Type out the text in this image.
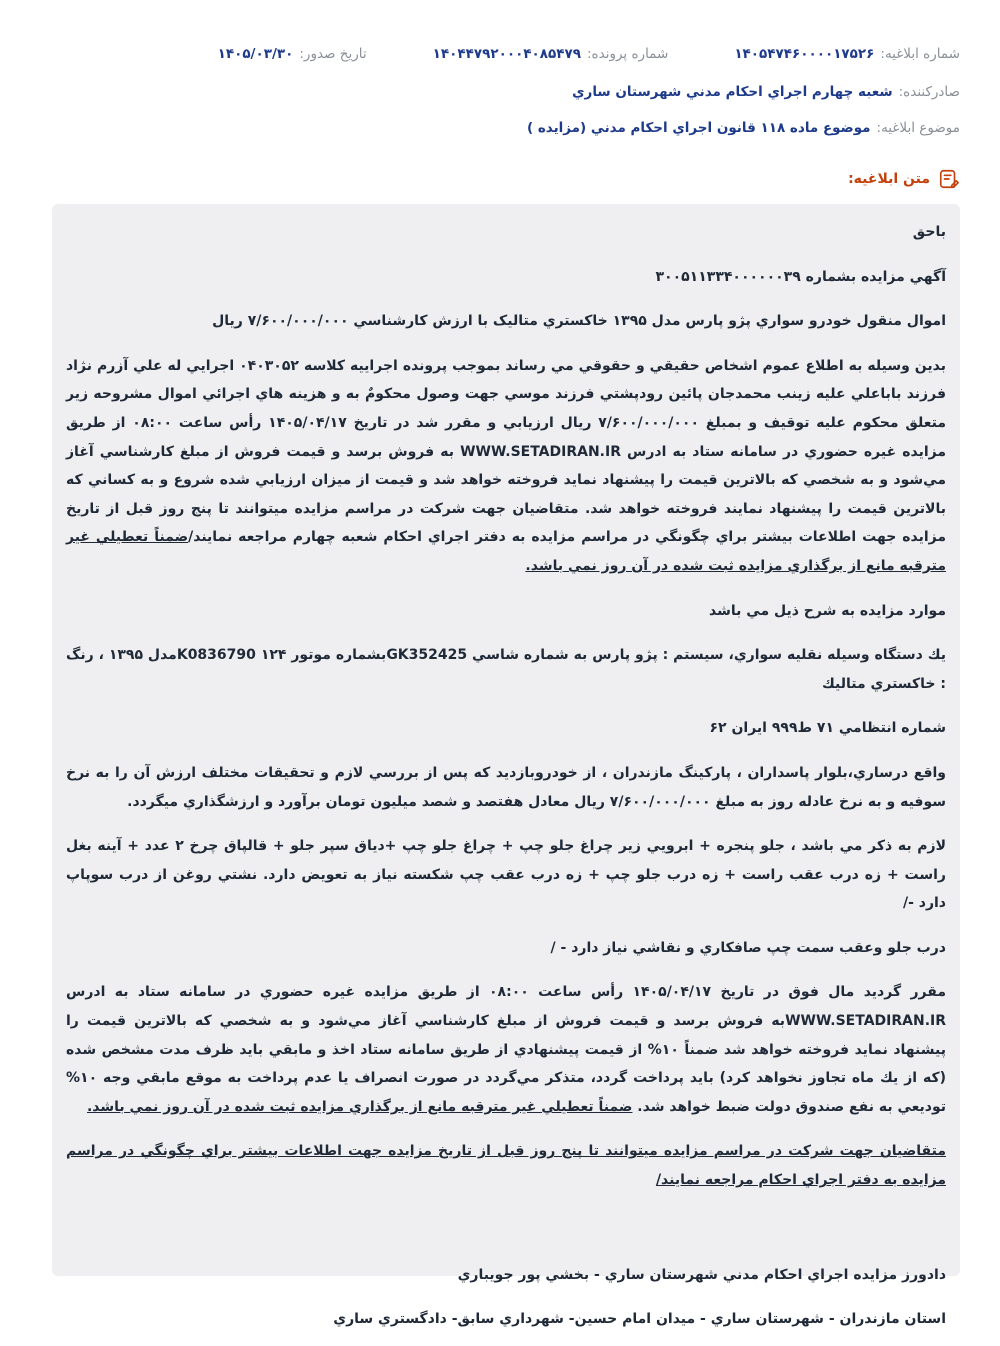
شماره ابلاغيه:
۱۴۰۵۴۷۴۶۰۰۰۰۱۷۵۲۶
شماره پرونده:
۱۴۰۴۴۷۹۲۰۰۰۴۰۸۵۴۷۹
تاريخ صدور:
۱۴۰۵/۰۳/۳۰
صادرکننده:
شعبه چهارم اجراي احکام مدني شهرستان ساري
موضوع ابلاغيه:
موضوع ماده ۱۱۸ قانون اجراي احکام مدني (مزايده )
متن ابلاغيه:

باحق

آگهي مزايده بشماره ۳۰۰۵۱۱۳۳۴۰۰۰۰۰۰۳۹

اموال منقول خودرو سواري پژو پارس مدل ۱۳۹۵ خاکستري متاليک با ارزش کارشناسي ۷/۶۰۰/۰۰۰/۰۰۰ ريال

بدين وسيله به اطلاع عموم اشخاص حقيقي و حقوقي مي رساند بموجب پرونده اجراييه کلاسه ۰۴۰۳۰۵۲ اجرايي له علي آزرم نژاد فرزند باباعلي عليه زينب محمدجان پائين رودپشتي فرزند موسي جهت وصول محکومٌ به و هزينه هاي اجرائي اموال مشروحه زير متعلق محکوم عليه توقيف و بمبلغ ۷/۶۰۰/۰۰۰/۰۰۰ ريال ارزيابي و مقرر شد در تاريخ ۱۴۰۵/۰۴/۱۷ رأس ساعت ۰۸:۰۰ از طريق مزايده غيره حضوري در سامانه ستاد به ادرس WWW.SETADIRAN.IR به فروش برسد و قيمت فروش از مبلغ کارشناسي آغاز مي‌شود و به شخصي که بالاترين قيمت را پيشنهاد نمايد فروخته خواهد شد و قيمت از ميزان ارزيابي شده شروع و به کساني که بالاترين قيمت را پيشنهاد نمايند فروخته خواهد شد. متقاضيان جهت شرکت در مراسم مزايده ميتوانند تا پنج روز قبل از تاريخ مزايده جهت اطلاعات بيشتر براي چگونگي در مراسم مزايده به دفتر اجراي احکام شعبه چهارم مراجعه نمايند/ضمناً تعطيلي غير مترقبه مانع از برگذاري مزايده ثبت شده در آن روز نمي باشد.

موارد مزايده به شرح ذيل مي باشد

يك دستگاه وسيله نقليه سواري، سيستم : پژو پارس به شماره شاسي GK352425بشماره موتور ۱۲۴ K0836790مدل ۱۳۹۵ ، رنگ : خاکستري متاليك

شماره انتظامي ۷۱ ط۹۹۹ ايران ۶۲

واقع درساري،بلوار پاسداران ، پارکينگ مازندران ، از خودروبازديد که پس از بررسي لازم و تحقيقات مختلف ارزش آن را به نرخ سوفيه و به نرخ عادله روز به مبلغ ۷/۶۰۰/۰۰۰/۰۰۰ ريال معادل هفتصد و شصد ميليون تومان برآورد و ارزشگذاري ميگردد.

لازم به ذکر مي باشد ، جلو پنجره + ابرويي زير چراغ جلو چپ + چراغ جلو چپ +دياق سپر جلو + قالپاق چرخ ۲ عدد + آينه بغل راست + زه درب عقب راست + زه درب جلو چپ + زه درب عقب چپ شکسته نياز به تعويض دارد. نشتي روغن از درب سوپاپ دارد -/

درب جلو وعقب سمت چپ صافکاري و نقاشي نياز دارد - /

مقرر گرديد مال فوق در تاريخ ۱۴۰۵/۰۴/۱۷ رأس ساعت ۰۸:۰۰ از طريق مزايده غيره حضوري در سامانه ستاد به ادرس WWW.SETADIRAN.IRبه فروش برسد و قيمت فروش از مبلغ کارشناسي آغاز مي‌شود و به شخصي که بالاترين قيمت را پيشنهاد نمايد فروخته خواهد شد ضمناً ۱۰% از قيمت پيشنهادي از طريق سامانه ستاد اخذ و مابقي بايد ظرف مدت مشخص شده (که از يك ماه تجاوز نخواهد کرد) بايد پرداخت گردد، متذکر مي‌گردد در صورت انصراف يا عدم پرداخت به موقع مابقي وجه ۱۰% توديعي به نفع صندوق دولت ضبط خواهد شد. ضمناً تعطيلي غير مترقبه مانع از برگذاري مزايده ثبت شده در آن روز نمي باشد.

متقاضيان جهت شرکت در مراسم مزايده ميتوانند تا پنج روز قبل از تاريخ مزايده جهت اطلاعات بيشتر براي چگونگي در مراسم مزايده به دفتر اجراي احکام مراجعه نمايند/

دادورز مزايده اجراي احکام مدني شهرستان ساري - بخشي پور جويباري

استان مازندران - شهرستان ساري - ميدان امام حسين- شهرداري سابق- دادگستري ساري
